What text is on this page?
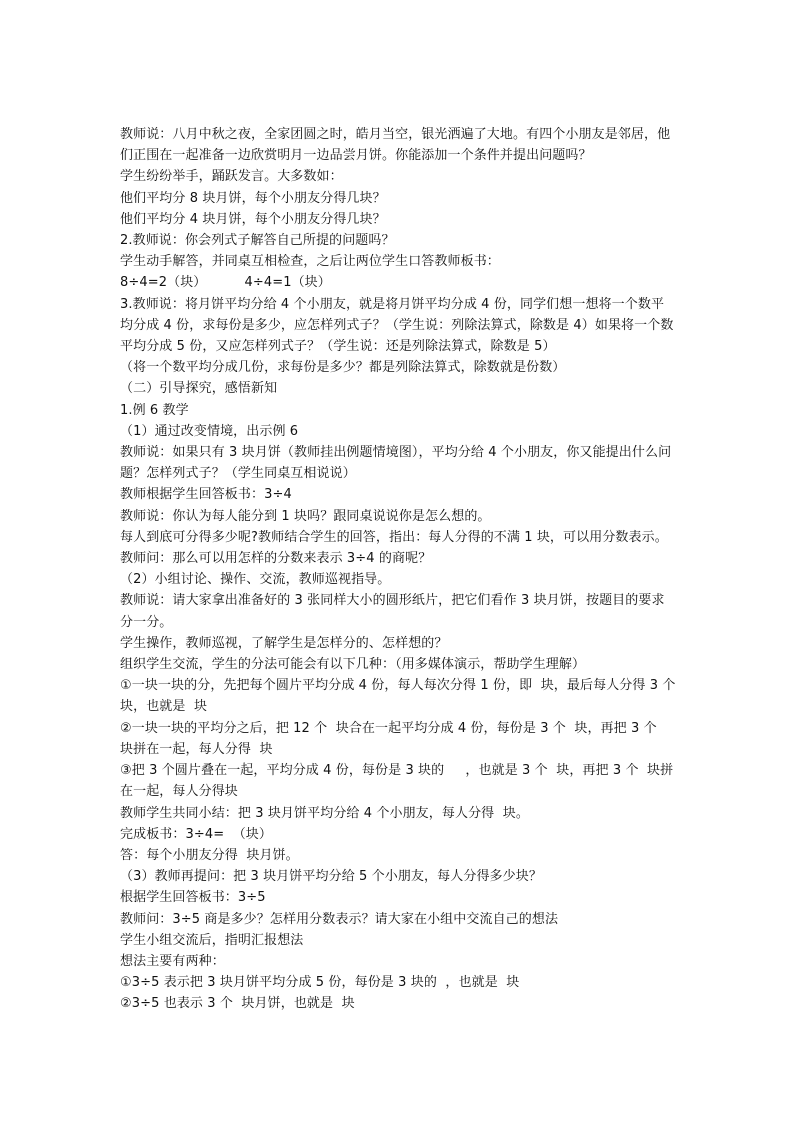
教师说：八月中秋之夜，全家团圆之时，皓月当空，银光洒遍了大地。有四个小朋友是邻居，他们正围在一起准备一边欣赏明月一边品尝月饼。你能添加一个条件并提出问题吗？

学生纷纷举手，踊跃发言。大多数如：

他们平均分 8 块月饼，每个小朋友分得几块？

他们平均分 4 块月饼，每个小朋友分得几块？

2.教师说：你会列式子解答自己所提的问题吗？

学生动手解答，并同桌互相检查，之后让两位学生口答教师板书：

8÷4=2（块）         4÷4=1（块）

3.教师说：将月饼平均分给 4 个小朋友，就是将月饼平均分成 4 份，同学们想一想将一个数平均分成 4 份，求每份是多少，应怎样列式子？（学生说：列除法算式，除数是 4）如果将一个数平均分成 5 份，又应怎样列式子？（学生说：还是列除法算式，除数是 5）

（将一个数平均分成几份，求每份是多少？都是列除法算式，除数就是份数）

（二）引导探究，感悟新知

1.例 6 教学

（1）通过改变情境，出示例 6

教师说：如果只有 3 块月饼（教师挂出例题情境图），平均分给 4 个小朋友，你又能提出什么问题？怎样列式子？（学生同桌互相说说）

教师根据学生回答板书：3÷4

教师说：你认为每人能分到 1 块吗？跟同桌说说你是怎么想的。

每人到底可分得多少呢?教师结合学生的回答，指出：每人分得的不满 1 块，可以用分数表示。

教师问：那么可以用怎样的分数来表示 3÷4 的商呢？

（2）小组讨论、操作、交流，教师巡视指导。

教师说：请大家拿出准备好的 3 张同样大小的圆形纸片，把它们看作 3 块月饼，按题目的要求分一分。

学生操作，教师巡视，了解学生是怎样分的、怎样想的？

组织学生交流，学生的分法可能会有以下几种：（用多媒体演示，帮助学生理解）

①一块一块的分，先把每个圆片平均分成 4 份，每人每次分得 1 份，即  块，最后每人分得 3 个  块，也就是  块

②一块一块的平均分之后，把 12 个  块合在一起平均分成 4 份，每份是 3 个  块，再把 3 个  块拼在一起，每人分得  块

③把 3 个圆片叠在一起，平均分成 4 份，每份是 3 块的     ，也就是 3 个  块，再把 3 个  块拼在一起，每人分得块

教师学生共同小结：把 3 块月饼平均分给 4 个小朋友，每人分得  块。

完成板书：3÷4=  （块）

答：每个小朋友分得  块月饼。

（3）教师再提问：把 3 块月饼平均分给 5 个小朋友，每人分得多少块？

根据学生回答板书：3÷5

教师问：3÷5 商是多少？怎样用分数表示？请大家在小组中交流自己的想法

学生小组交流后，指明汇报想法

想法主要有两种：

①3÷5 表示把 3 块月饼平均分成 5 份，每份是 3 块的  ，也就是  块

②3÷5 也表示 3 个  块月饼，也就是  块
